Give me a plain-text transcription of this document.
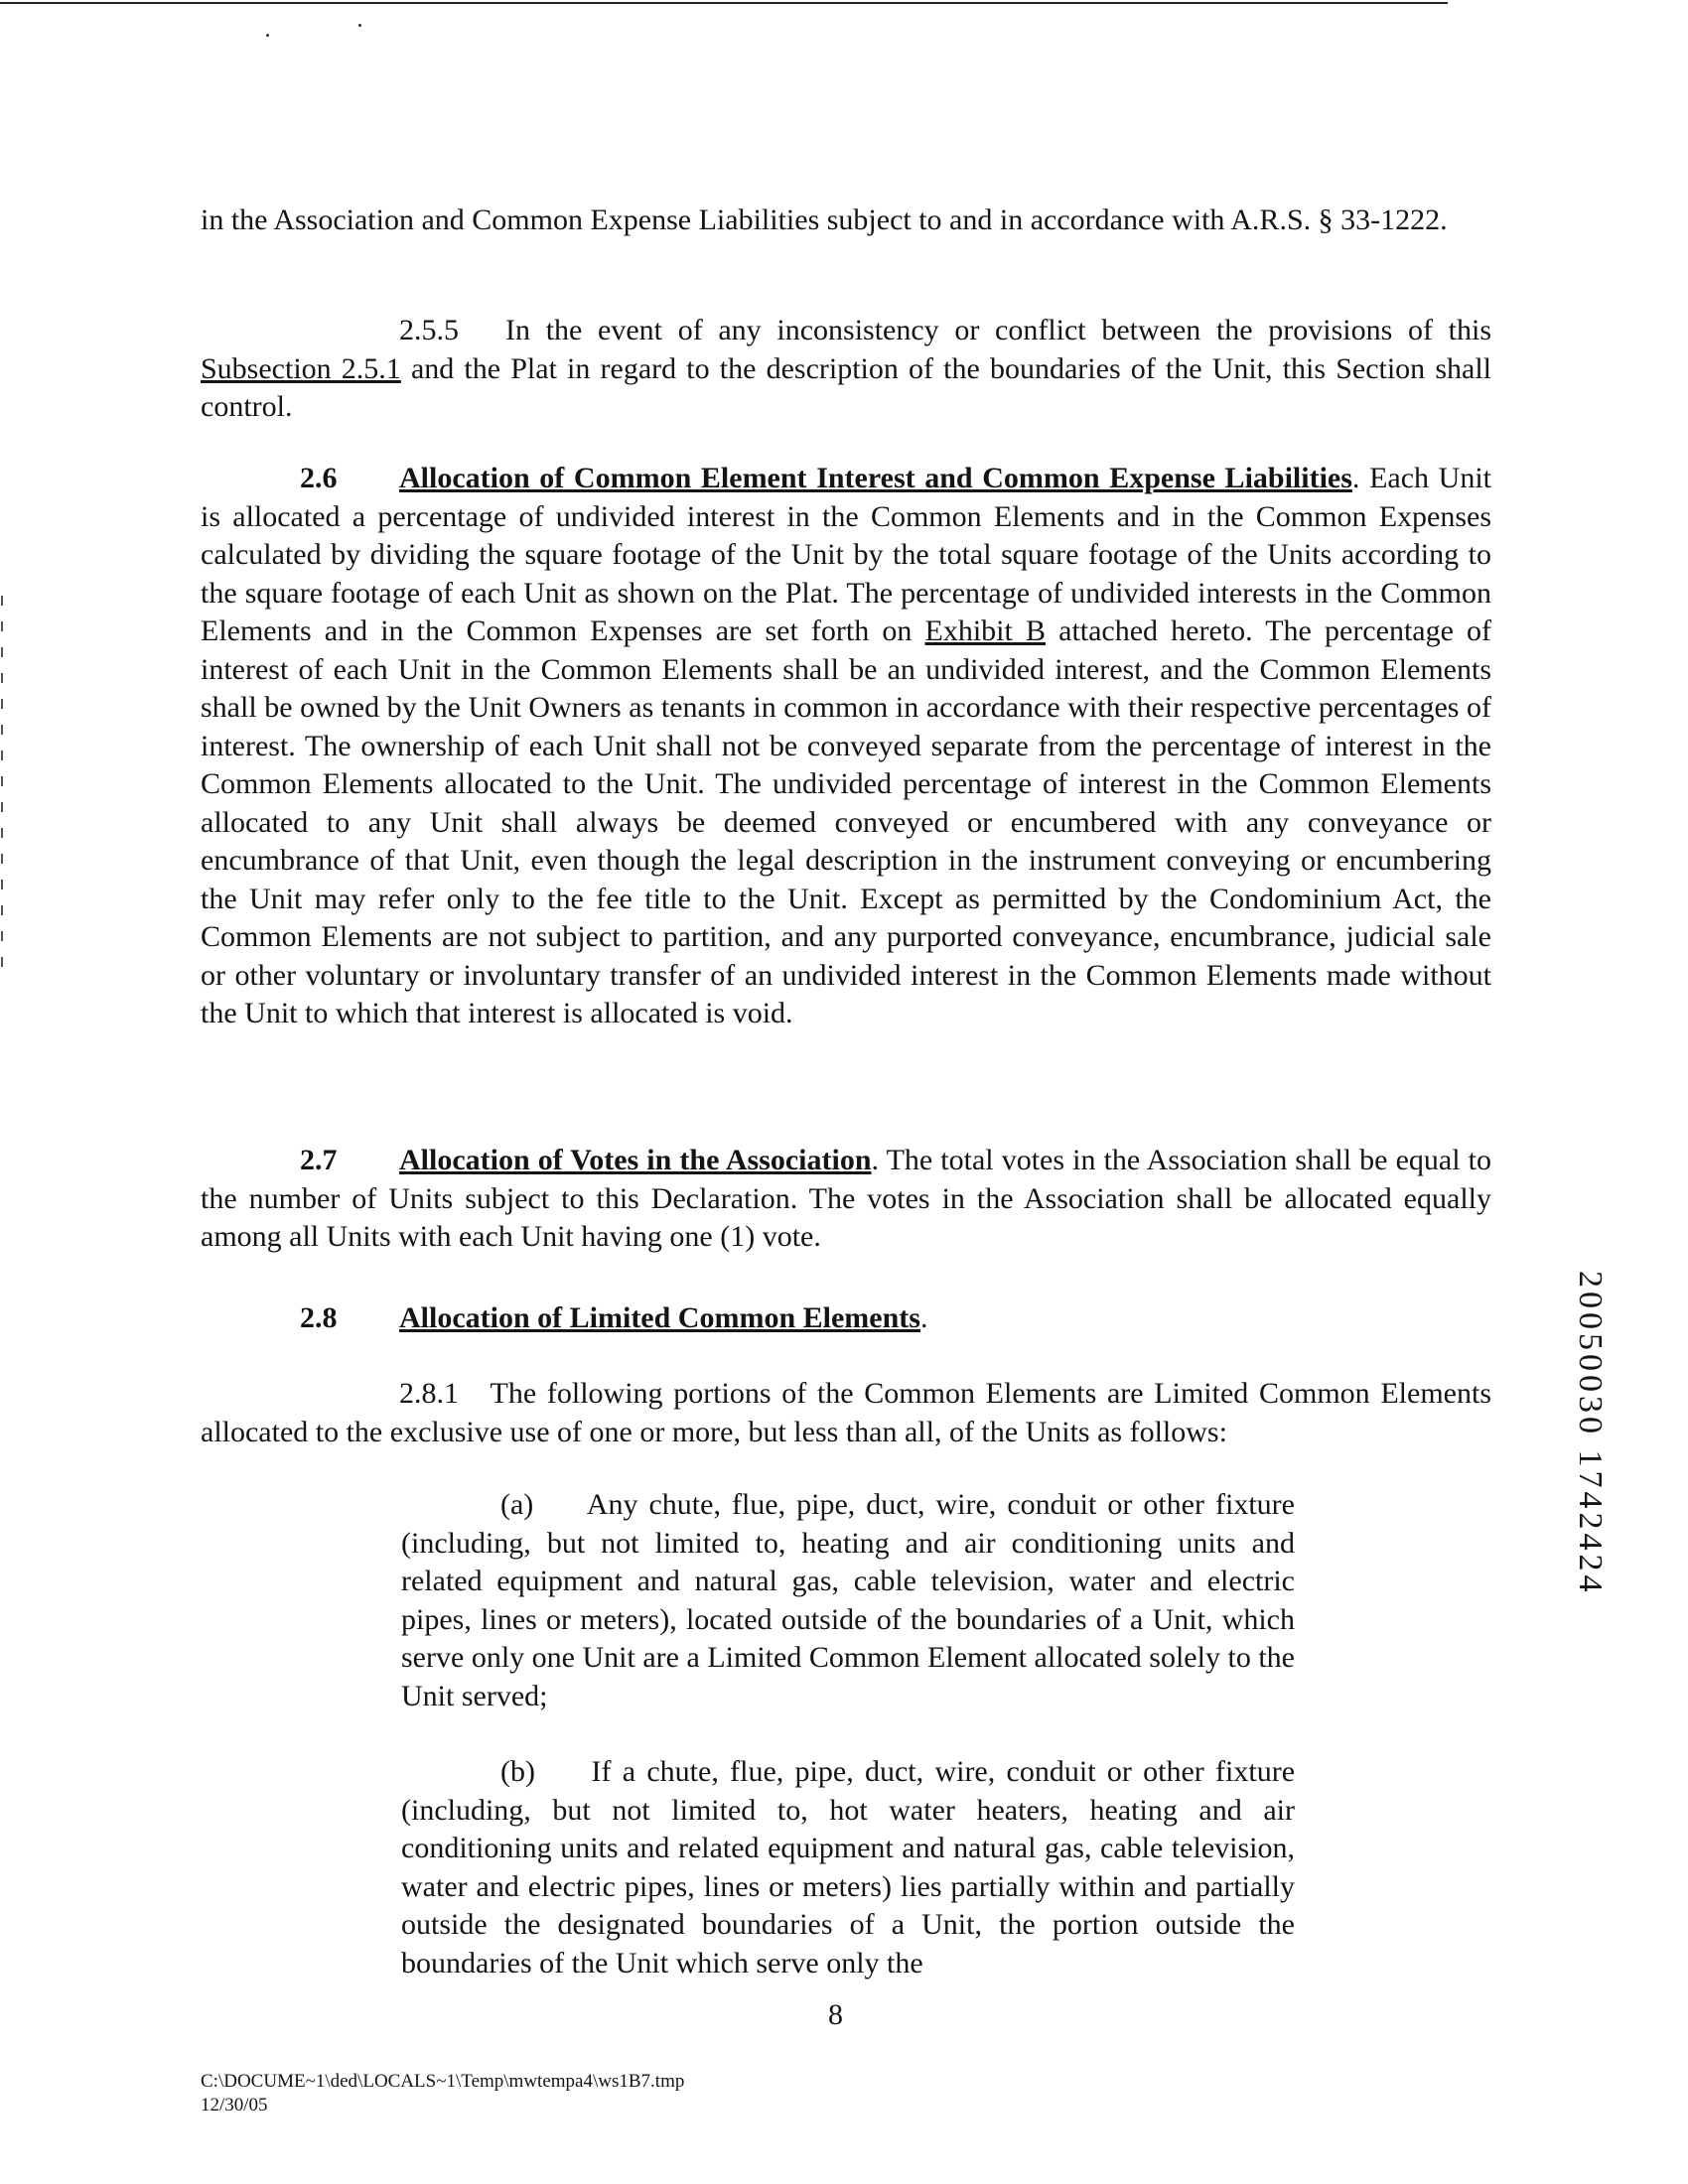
in the Association and Common Expense Liabilities subject to and in accordance with A.R.S. § 33-1222.

2.5.5 In the event of any inconsistency or conflict between the provisions of this Subsection 2.5.1 and the Plat in regard to the description of the boundaries of the Unit, this Section shall control.

2.6 Allocation of Common Element Interest and Common Expense Liabilities. Each Unit is allocated a percentage of undivided interest in the Common Elements and in the Common Expenses calculated by dividing the square footage of the Unit by the total square footage of the Units according to the square footage of each Unit as shown on the Plat. The percentage of undivided interests in the Common Elements and in the Common Expenses are set forth on Exhibit B attached hereto. The percentage of interest of each Unit in the Common Elements shall be an undivided interest, and the Common Elements shall be owned by the Unit Owners as tenants in common in accordance with their respective percentages of interest. The ownership of each Unit shall not be conveyed separate from the percentage of interest in the Common Elements allocated to the Unit. The undivided percentage of interest in the Common Elements allocated to any Unit shall always be deemed conveyed or encumbered with any conveyance or encumbrance of that Unit, even though the legal description in the instrument conveying or encumbering the Unit may refer only to the fee title to the Unit. Except as permitted by the Condominium Act, the Common Elements are not subject to partition, and any purported conveyance, encumbrance, judicial sale or other voluntary or involuntary transfer of an undivided interest in the Common Elements made without the Unit to which that interest is allocated is void.

2.7 Allocation of Votes in the Association. The total votes in the Association shall be equal to the number of Units subject to this Declaration. The votes in the Association shall be allocated equally among all Units with each Unit having one (1) vote.

2.8 Allocation of Limited Common Elements.

2.8.1 The following portions of the Common Elements are Limited Common Elements allocated to the exclusive use of one or more, but less than all, of the Units as follows:

(a) Any chute, flue, pipe, duct, wire, conduit or other fixture (including, but not limited to, heating and air conditioning units and related equipment and natural gas, cable television, water and electric pipes, lines or meters), located outside of the boundaries of a Unit, which serve only one Unit are a Limited Common Element allocated solely to the Unit served;

(b) If a chute, flue, pipe, duct, wire, conduit or other fixture (including, but not limited to, hot water heaters, heating and air conditioning units and related equipment and natural gas, cable television, water and electric pipes, lines or meters) lies partially within and partially outside the designated boundaries of a Unit, the portion outside the boundaries of the Unit which serve only the

8
C:\DOCUME~1\ded\LOCALS~1\Temp\mwtempa4\ws1B7.tmp
12/30/05
20050030 1742424
